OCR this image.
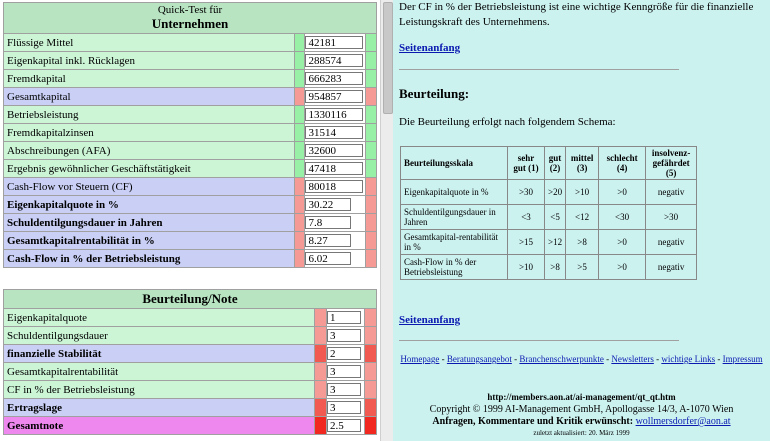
Quick-Test für
Unternehmen			

Flüssige Mittel		42181	
Eigenkapital inkl. Rücklagen		288574	
Fremdkapital		666283	
Gesamtkapital		954857	
Betriebsleistung		1330116	
Fremdkapitalzinsen		31514	
Abschreibungen (AFA)		32600	
Ergebnis gewöhnlicher Geschäftstätigkeit		47418	
Cash-Flow vor Steuern (CF)		80018	
Eigenkapitalquote in %		30.22	
Schuldentilgungsdauer in Jahren		7.8	
Gesamtkapitalrentabilität in %		8.27	
Cash-Flow in % der Betriebsleistung		6.02	
Beurteilung/Note			
Eigenkapitalquote		1	
Schuldentilgungsdauer		3	
finanzielle Stabilität		2	
Gesamtkapitalrentabilität		3	
CF in % der Betriebsleistung		3	
Ertragslage		3	
Gesamtnote		2.5	

Der CF in % der Betriebsleistung ist eine wichtige Kenngröße für die finanzielle Leistungskraft des Unternehmens.

Seitenanfang
Beurteilung:

Die Beurteilung erfolgt nach folgendem Schema:

Beurteilungsskala	sehr gut (1)	gut (2)	mittel (3)	schlecht (4)	insolvenz-gefährdet (5)
Eigenkapitalquote in %	>30	>20	>10	>0	negativ
Schuldentilgungsdauer in Jahren	<3	<5	<12	<30	>30
Gesamtkapital-rentabilität in %	>15	>12	>8	>0	negativ
Cash-Flow in % der Betriebsleistung	>10	>8	>5	>0	negativ
Seitenanfang
Homepage - Beratungsangebot - Branchenschwerpunkte - Newsletters - wichtige Links - Impressum
http://members.aon.at/ai-management/qt_qt.htm
Copyright © 1999 AI-Management GmbH, Apollogasse 14/3, A-1070 Wien
Anfragen, Kommentare und Kritik erwünscht: wollmersdorfer@aon.at
zuletzt aktualisiert: 20. März 1999
